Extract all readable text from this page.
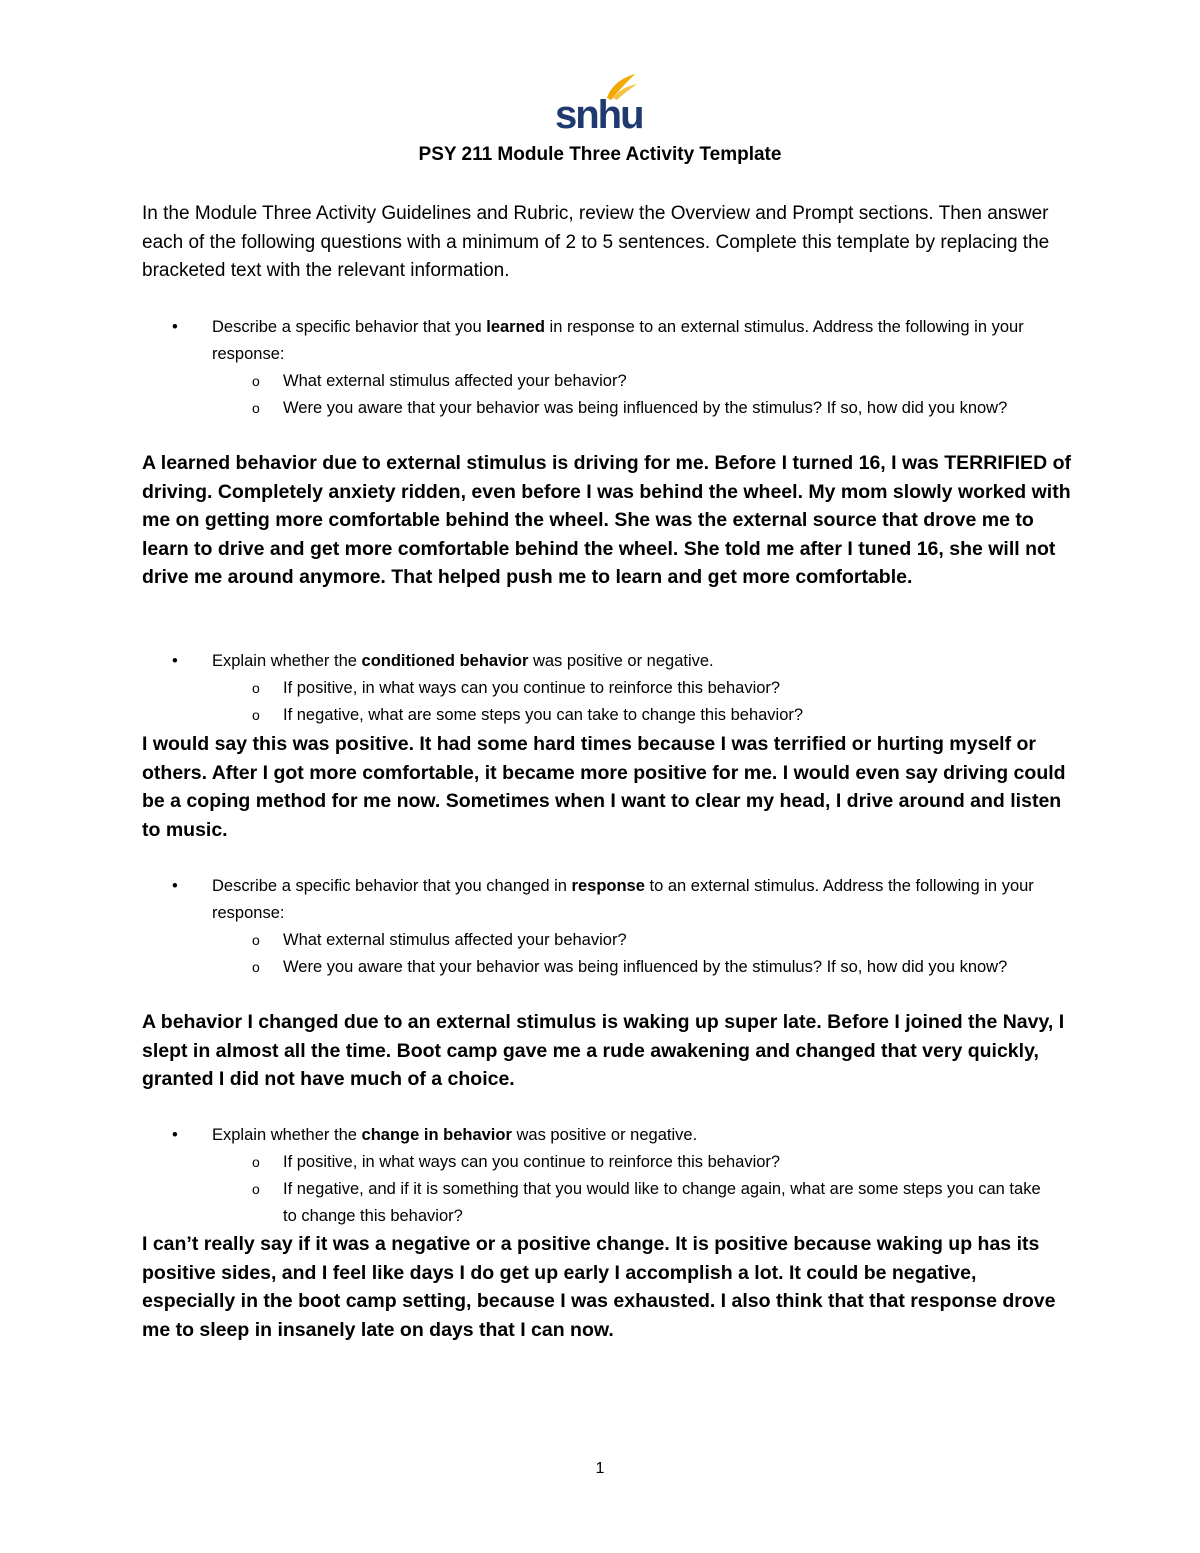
snhu
PSY 211 Module Three Activity Template

In the Module Three Activity Guidelines and Rubric, review the Overview and Prompt sections. Then answer each of the following questions with a minimum of 2 to 5 sentences. Complete this template by replacing the bracketed text with the relevant information.

• Describe a specific behavior that you learned in response to an external stimulus. Address the following in your response:
o What external stimulus affected your behavior?
o Were you aware that your behavior was being influenced by the stimulus? If so, how did you know?

A learned behavior due to external stimulus is driving for me. Before I turned 16, I was TERRIFIED of driving. Completely anxiety ridden, even before I was behind the wheel. My mom slowly worked with me on getting more comfortable behind the wheel. She was the external source that drove me to learn to drive and get more comfortable behind the wheel. She told me after I tuned 16, she will not drive me around anymore. That helped push me to learn and get more comfortable.

• Explain whether the conditioned behavior was positive or negative.
o If positive, in what ways can you continue to reinforce this behavior?
o If negative, what are some steps you can take to change this behavior?

I would say this was positive. It had some hard times because I was terrified or hurting myself or others. After I got more comfortable, it became more positive for me. I would even say driving could be a coping method for me now. Sometimes when I want to clear my head, I drive around and listen to music.

• Describe a specific behavior that you changed in response to an external stimulus. Address the following in your response:
o What external stimulus affected your behavior?
o Were you aware that your behavior was being influenced by the stimulus? If so, how did you know?

A behavior I changed due to an external stimulus is waking up super late. Before I joined the Navy, I slept in almost all the time. Boot camp gave me a rude awakening and changed that very quickly, granted I did not have much of a choice.

• Explain whether the change in behavior was positive or negative.
o If positive, in what ways can you continue to reinforce this behavior?
o If negative, and if it is something that you would like to change again, what are some steps you can take to change this behavior?

I can’t really say if it was a negative or a positive change. It is positive because waking up has its positive sides, and I feel like days I do get up early I accomplish a lot. It could be negative, especially in the boot camp setting, because I was exhausted. I also think that that response drove me to sleep in insanely late on days that I can now.

1
